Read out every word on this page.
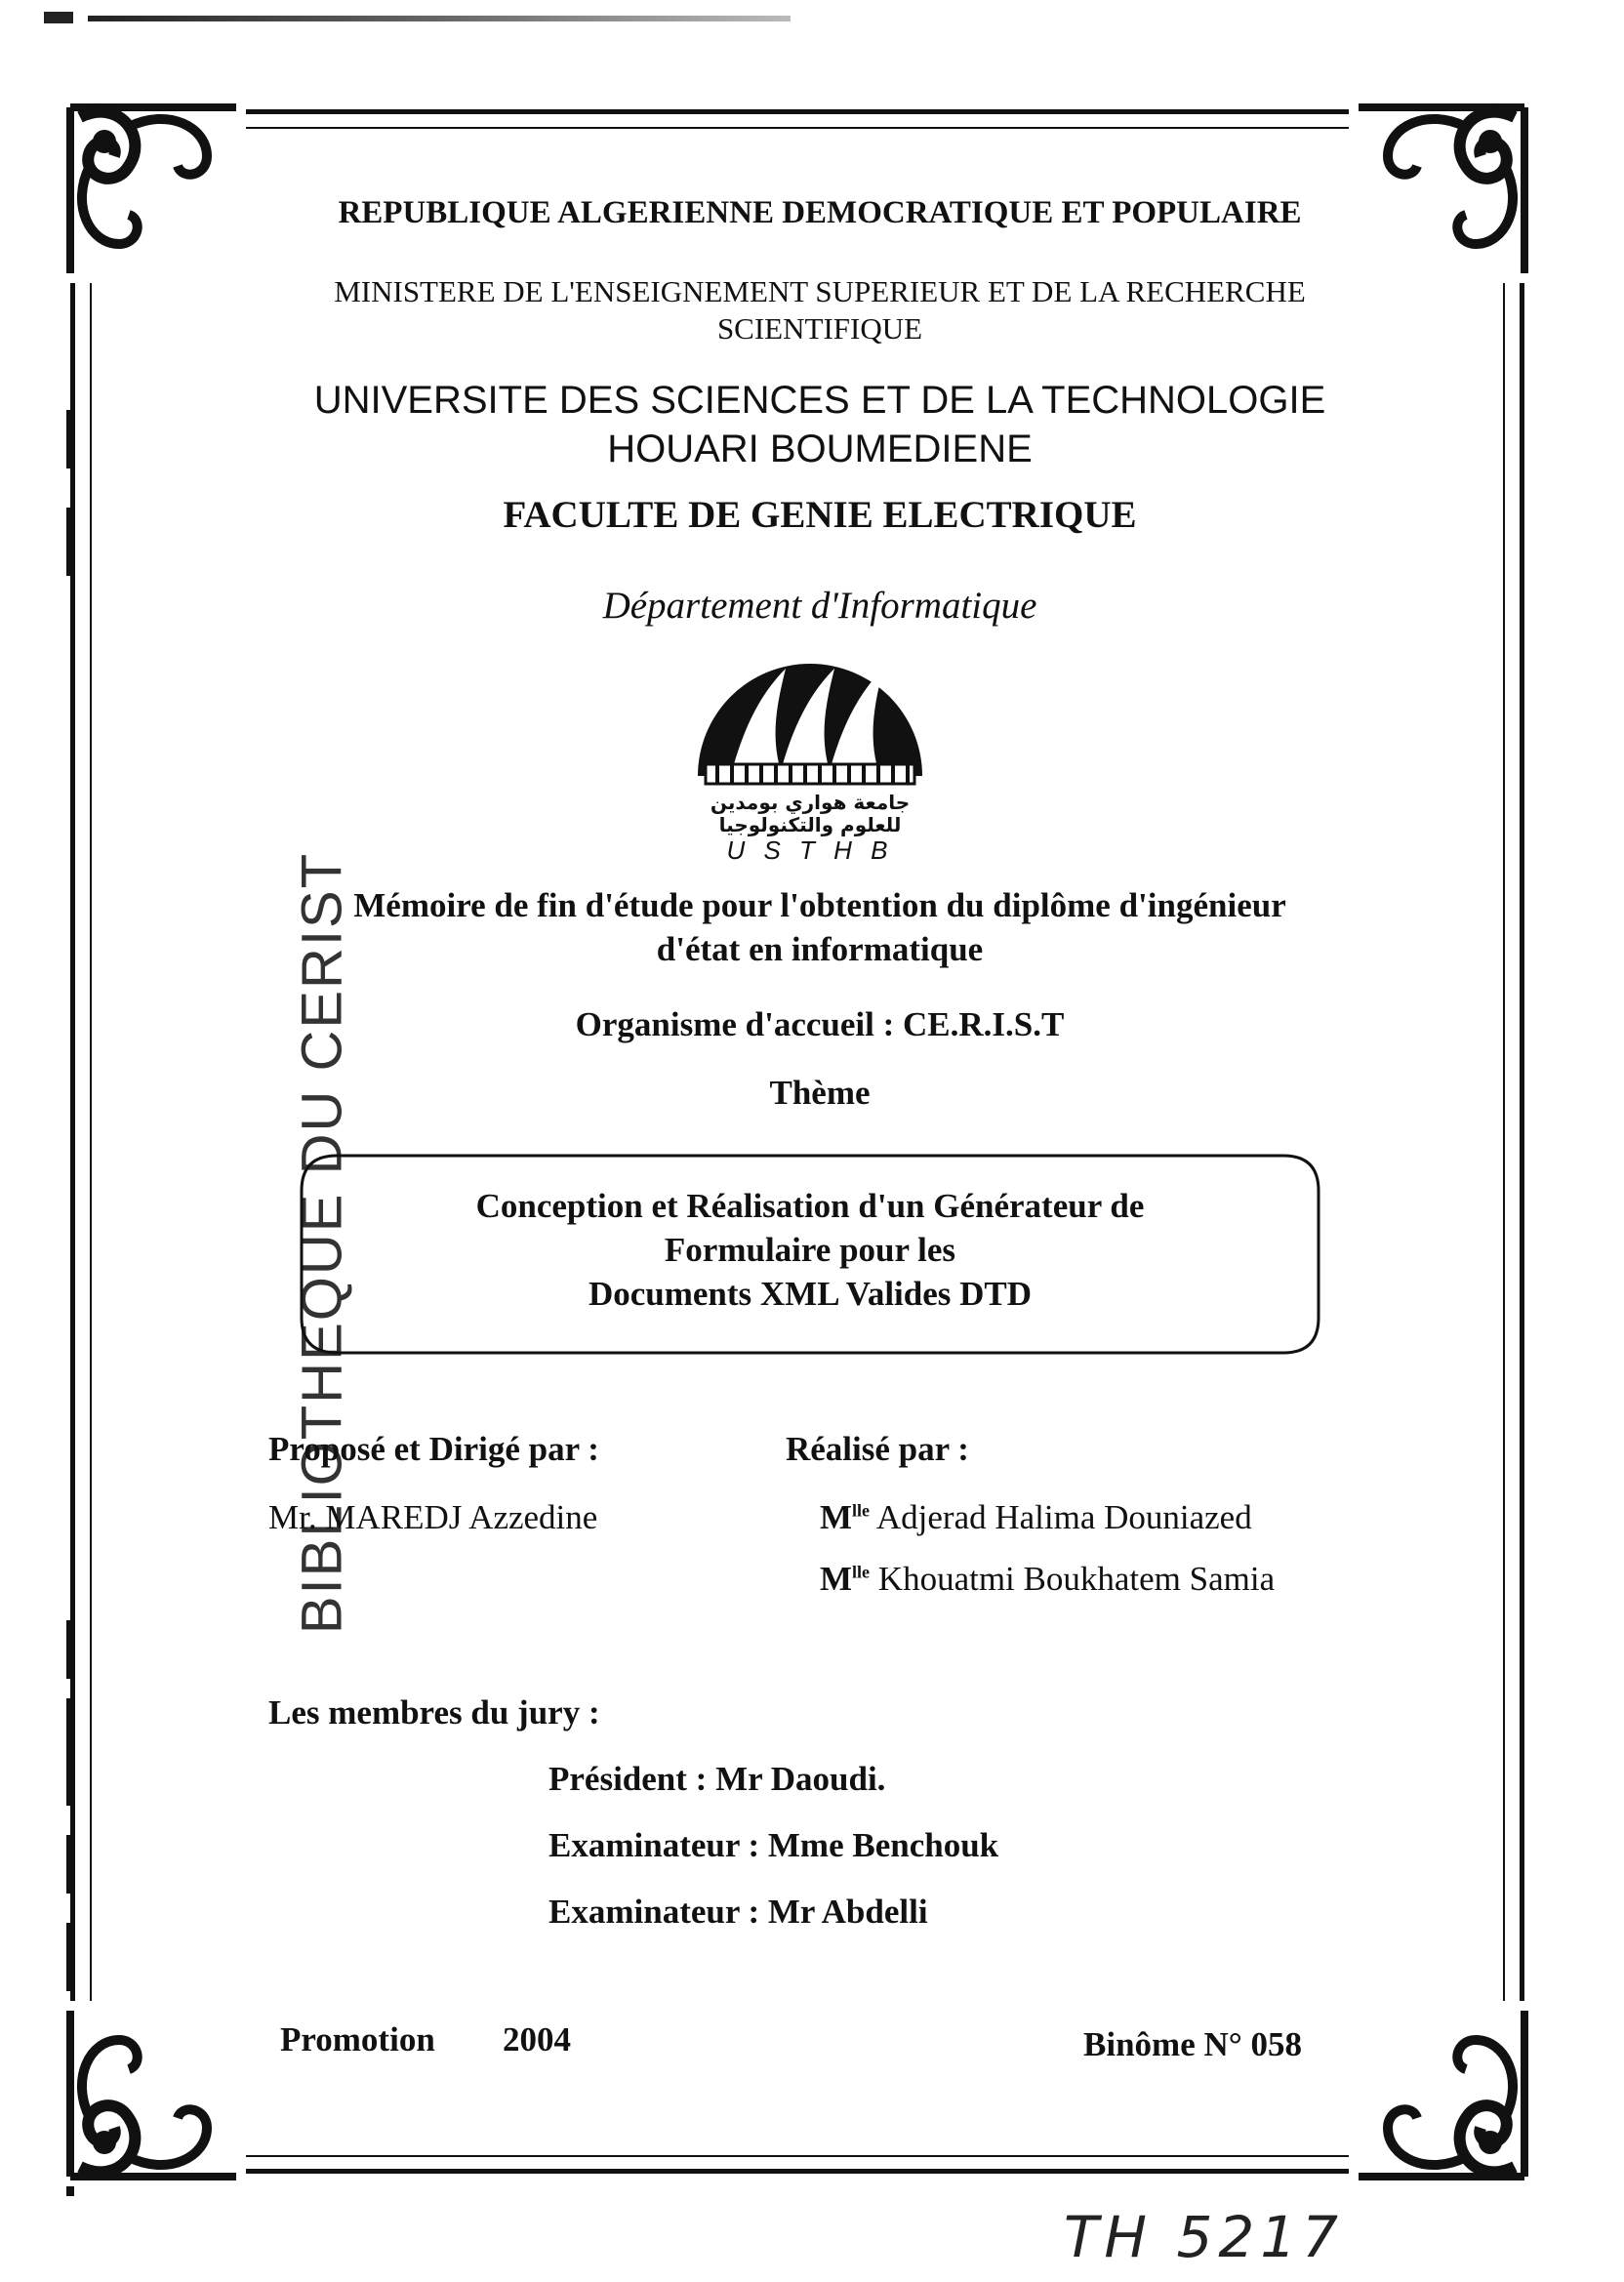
BIBLIOTHEQUE DU CERIST
REPUBLIQUE ALGERIENNE DEMOCRATIQUE ET POPULAIRE
MINISTERE DE L'ENSEIGNEMENT SUPERIEUR ET DE LA RECHERCHE
SCIENTIFIQUE
UNIVERSITE DES SCIENCES ET DE LA TECHNOLOGIE
HOUARI BOUMEDIENE
FACULTE DE GENIE ELECTRIQUE
Département d'Informatique
جامعة هواري بومدين
للعلوم والتكنولوجيا
U S T H B
Mémoire de fin d'étude pour l'obtention du diplôme d'ingénieur
d'état en informatique
Organisme d'accueil : CE.R.I.S.T
Thème
Conception et Réalisation d'un Générateur de
Formulaire pour les
Documents XML Valides DTD
Proposé et Dirigé par :
Mr. MAREDJ Azzedine
Réalisé par :
$M^{lle}$ Adjerad Halima Douniazed
$M^{lle}$ Khouatmi Boukhatem Samia
Les membres du jury :
Président : Mr Daoudi.
Examinateur : Mme Benchouk
Examinateur : Mr Abdelli
Promotion 2004	Binôme N° 058
TH 5217
